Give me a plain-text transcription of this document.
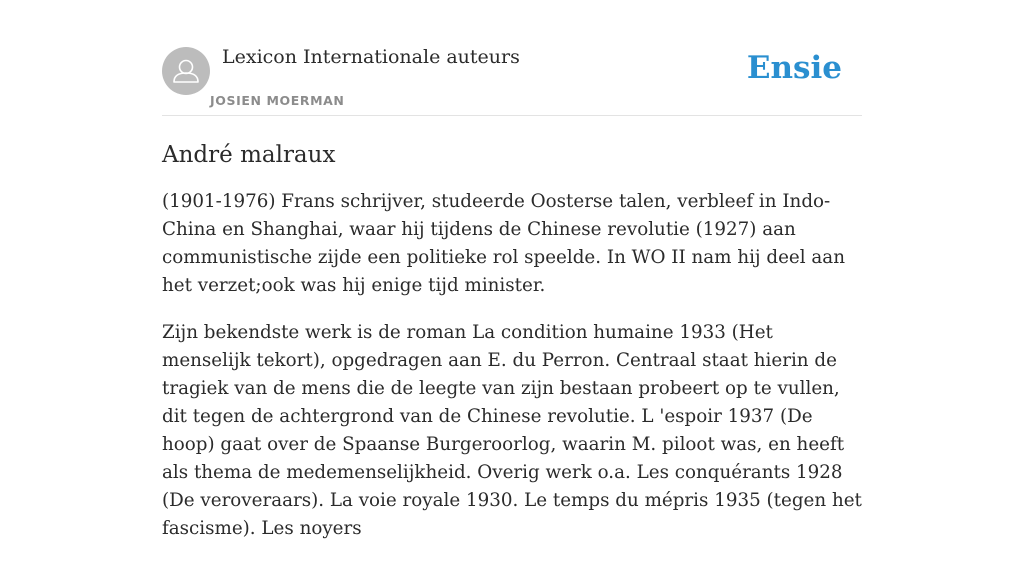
Lexicon Internationale auteurs
JOSIEN MOERMAN
Ensie
André malraux

(1901-1976) Frans schrijver, studeerde Oosterse talen, verbleef in Indo-China en Shanghai, waar hij tijdens de Chinese revolutie (1927) aan communistische zijde een politieke rol speelde. In WO II nam hij deel aan het verzet;ook was hij enige tijd minister.

Zijn bekendste werk is de roman La condition humaine 1933 (Het menselijk tekort), opgedragen aan E. du Perron. Centraal staat hierin de tragiek van de mens die de leegte van zijn bestaan probeert op te vullen, dit tegen de achtergrond van de Chinese revolutie. L 'espoir 1937 (De hoop) gaat over de Spaanse Burgeroorlog, waarin M. piloot was, en heeft als thema de medemenselijkheid. Overig werk o.a. Les conquérants 1928 (De veroveraars). La voie royale 1930. Le temps du mépris 1935 (tegen het fascisme). Les noyers
